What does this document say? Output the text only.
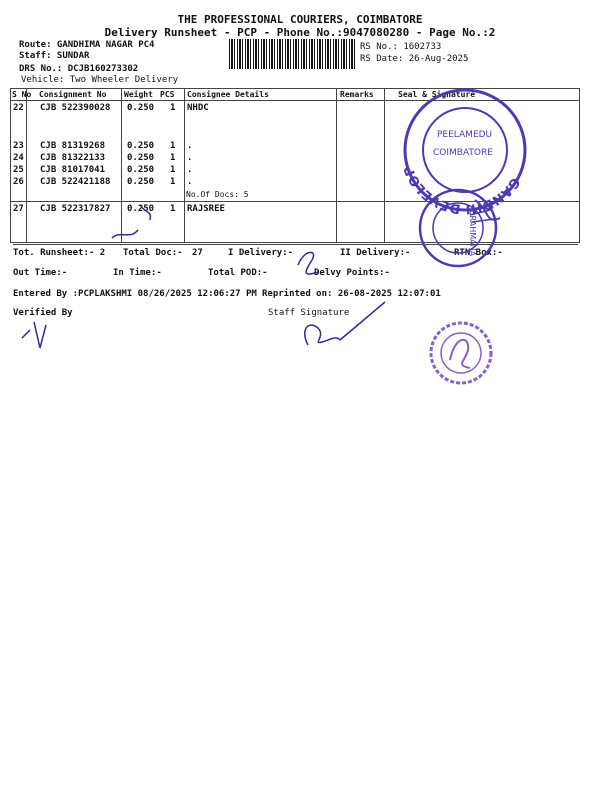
THE PROFESSIONAL COURIERS, COIMBATORE
Delivery Runsheet - PCP - Phone No.:9047080280 - Page No.:2
Route: GANDHIMA NAGAR PC4
Staff: SUNDAR
DRS No.: DCJB160273302
Vehicle: Two Wheeler Delivery
RS No.: 1602733
RS Date: 26-Aug-2025
S No Consignment No Weight PCS Consignee Details	Remarks	Seal & Signature
22 CJB 522390028 0.250 1 NHDC
23 CJB 81319268 0.250 1 .
24 CJB 81322133 0.250 1 .
25 CJB 81017041 0.250 1 .
26 CJB 522421188 0.250 1 .
No.Of Docs: 5
27 CJB 522317827 0.250 1 RAJSREE
Tot. Runsheet:- 2 Total Doc:- 27	I Delivery:-	II Delivery:-	RTN Box:-
Out Time:-	In Time:-	Total POD:-	Delvy Points:-
Entered By :PCPLAKSHMI 08/26/2025 12:06:27 PM Reprinted on: 26-08-2025 12:07:01
Verified By	Staff Signature
GANDHI DEVELOP
PEELAMEDU
COIMBATORE
BRAHMANA
